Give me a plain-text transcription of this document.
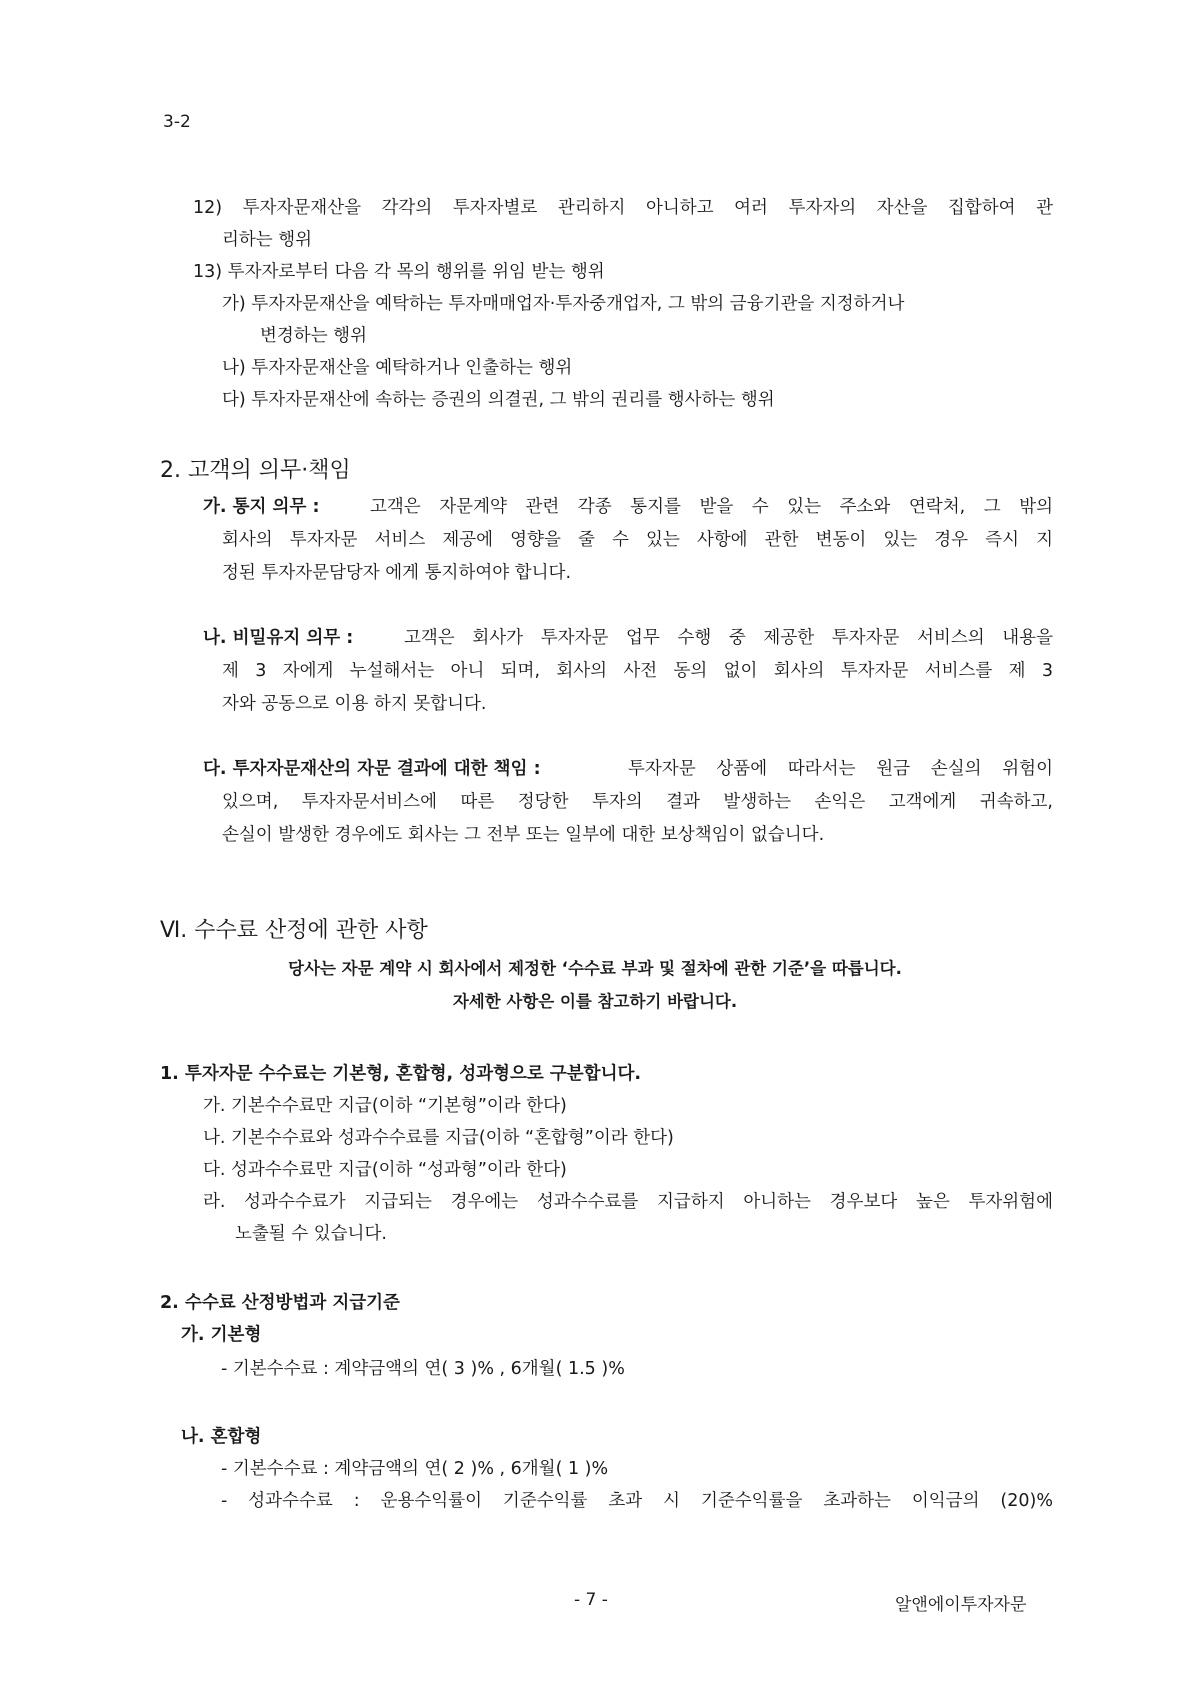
3-2
12) 투자자문재산을 각각의 투자자별로 관리하지 아니하고 여러 투자자의 자산을 집합하여 관
리하는 행위
13) 투자자로부터 다음 각 목의 행위를 위임 받는 행위
가) 투자자문재산을 예탁하는 투자매매업자·투자중개업자, 그 밖의 금융기관을 지정하거나
변경하는 행위
나) 투자자문재산을 예탁하거나 인출하는 행위
다) 투자자문재산에 속하는 증권의 의결권, 그 밖의 권리를 행사하는 행위
2. 고객의 의무·책임
가. 통지 의무 :	고객은 자문계약 관련 각종 통지를 받을 수 있는 주소와 연락처, 그 밖의
회사의 투자자문 서비스 제공에 영향을 줄 수 있는 사항에 관한 변동이 있는 경우 즉시 지
정된 투자자문담당자 에게 통지하여야 합니다.
나. 비밀유지 의무 :	고객은 회사가 투자자문 업무 수행 중 제공한 투자자문 서비스의 내용을
제 3 자에게 누설해서는 아니 되며, 회사의 사전 동의 없이 회사의 투자자문 서비스를 제 3
자와 공동으로 이용 하지 못합니다.
다. 투자자문재산의 자문 결과에 대한 책임 :	투자자문 상품에 따라서는 원금 손실의 위험이
있으며, 투자자문서비스에 따른 정당한 투자의 결과 발생하는 손익은 고객에게 귀속하고,
손실이 발생한 경우에도 회사는 그 전부 또는 일부에 대한 보상책임이 없습니다.
Ⅵ. 수수료 산정에 관한 사항
당사는 자문 계약 시 회사에서 제정한 ‘수수료 부과 및 절차에 관한 기준’을 따릅니다.
자세한 사항은 이를 참고하기 바랍니다.
1. 투자자문 수수료는 기본형, 혼합형, 성과형으로 구분합니다.
가. 기본수수료만 지급(이하 “기본형”이라 한다)
나. 기본수수료와 성과수수료를 지급(이하 “혼합형”이라 한다)
다. 성과수수료만 지급(이하 “성과형”이라 한다)
라. 성과수수료가 지급되는 경우에는 성과수수료를 지급하지 아니하는 경우보다 높은 투자위험에
노출될 수 있습니다.
2. 수수료 산정방법과 지급기준
가. 기본형
- 기본수수료 : 계약금액의 연( 3 )% , 6개월( 1.5 )%
나. 혼합형
- 기본수수료 : 계약금액의 연( 2 )% , 6개월( 1 )%
- 성과수수료 : 운용수익률이 기준수익률 초과 시 기준수익률을 초과하는 이익금의 (20)%
- 7 -	알앤에이투자자문
